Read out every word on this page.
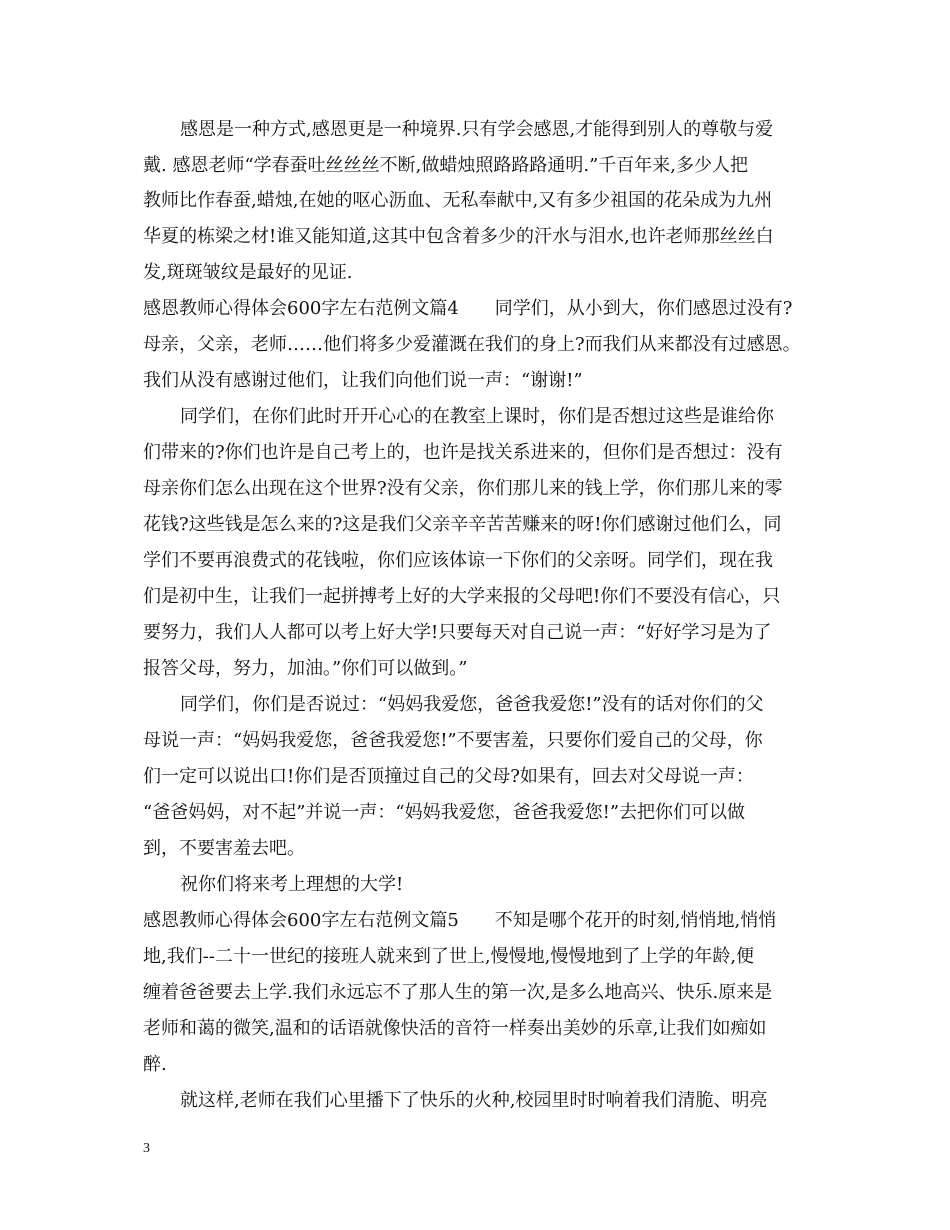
感恩是一种方式,感恩更是一种境界.只有学会感恩,才能得到别人的尊敬与爱
戴. 感恩老师“学春蚕吐丝丝丝不断,做蜡烛照路路路通明.”千百年来,多少人把
教师比作春蚕,蜡烛,在她的呕心沥血、无私奉献中,又有多少祖国的花朵成为九州
华夏的栋梁之材!谁又能知道,这其中包含着多少的汗水与泪水,也许老师那丝丝白
发,斑斑皱纹是最好的见证.
感恩教师心得体会600字左右范例文篇4　　同学们，从小到大，你们感恩过没有?
母亲，父亲，老师……他们将多少爱灌溉在我们的身上?而我们从来都没有过感恩。
我们从没有感谢过他们，让我们向他们说一声：“谢谢!”
同学们，在你们此时开开心心的在教室上课时，你们是否想过这些是谁给你
们带来的?你们也许是自己考上的，也许是找关系进来的，但你们是否想过：没有
母亲你们怎么出现在这个世界?没有父亲，你们那儿来的钱上学，你们那儿来的零
花钱?这些钱是怎么来的?这是我们父亲辛辛苦苦赚来的呀!你们感谢过他们么，同
学们不要再浪费式的花钱啦，你们应该体谅一下你们的父亲呀。同学们，现在我
们是初中生，让我们一起拼搏考上好的大学来报的父母吧!你们不要没有信心，只
要努力，我们人人都可以考上好大学!只要每天对自己说一声：“好好学习是为了
报答父母，努力，加油。”你们可以做到。”
同学们，你们是否说过：“妈妈我爱您，爸爸我爱您!”没有的话对你们的父
母说一声：“妈妈我爱您，爸爸我爱您!”不要害羞，只要你们爱自己的父母，你
们一定可以说出口!你们是否顶撞过自己的父母?如果有，回去对父母说一声：
“爸爸妈妈，对不起”并说一声：“妈妈我爱您，爸爸我爱您!”去把你们可以做
到，不要害羞去吧。
祝你们将来考上理想的大学!
感恩教师心得体会600字左右范例文篇5　　不知是哪个花开的时刻,悄悄地,悄悄
地,我们--二十一世纪的接班人就来到了世上,慢慢地,慢慢地到了上学的年龄,便
缠着爸爸要去上学.我们永远忘不了那人生的第一次,是多么地高兴、快乐.原来是
老师和蔼的微笑,温和的话语就像快活的音符一样奏出美妙的乐章,让我们如痴如
醉.
就这样,老师在我们心里播下了快乐的火种,校园里时时响着我们清脆、明亮
3
